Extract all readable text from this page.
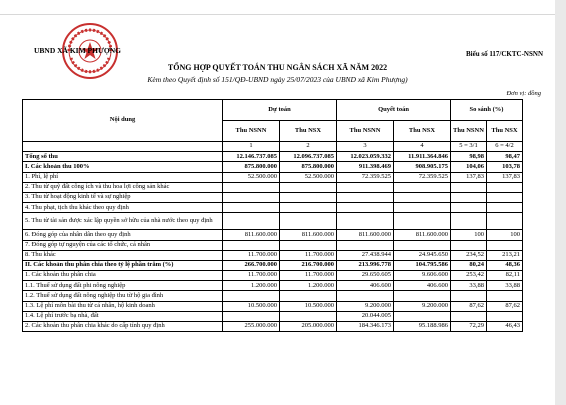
UBND XÃ KIM PHƯỢNG	Biểu số 117/CKTC-NSNN
TỔNG HỢP QUYẾT TOÁN THU NGÂN SÁCH XÃ NĂM 2022
Kèm theo Quyết định số 151/QĐ-UBND ngày 25/07/2023 của UBND xã Kim Phượng)
Đơn vị: đồng
Nội dung	Dự toán		Quyết toán		So sánh (%)	
	Thu NSNN	Thu NSX	Thu NSNN	Thu NSX	Thu NSNN	Thu NSX
	1	2	3	4	5 = 3/1	6 = 4/2
Tổng số thu	12.146.737.085	12.096.737.085	12.023.059.332	11.911.364.846	98,98	98,47
I. Các khoản thu 100%	875.800.000	875.800.000	911.398.469	908.905.175	104,06	103,78
1. Phí, lệ phí	52.500.000	52.500.000	72.359.525	72.359.525	137,83	137,83
2. Thu từ quỹ đất công ích và thu hoa lợi công sản khác						
3. Thu từ hoạt động kinh tế và sự nghiệp						
4. Thu phạt, tịch thu khác theo quy định						
5. Thu từ tài sản được xác lập quyền sở hữu của nhà nước theo quy định						
6. Đóng góp của nhân dân theo quy định	811.600.000	811.600.000	811.600.000	811.600.000	100	100
7. Đóng góp tự nguyện của các tổ chức, cá nhân						
8. Thu khác	11.700.000	11.700.000	27.438.944	24.945.650	234,52	213,21
II. Các khoản thu phân chia theo tỷ lệ phần trăm (%)	266.700.000	216.700.000	213.996.778	104.795.586	80,24	48,36
1. Các khoản thu phân chia	11.700.000	11.700.000	29.650.605	9.606.600	253,42	82,11
1.1. Thuế sử dụng đất phi nông nghiệp	1.200.000	1.200.000	406.600	406.600	33,88	33,88
1.2. Thuế sử dụng đất nông nghiệp thu từ hộ gia đình						
1.3. Lệ phí môn bài thu từ cá nhân, hộ kinh doanh	10.500.000	10.500.000	9.200.000	9.200.000	87,62	87,62
1.4. Lệ phí trước bạ nhà, đất			20.044.005			
2. Các khoản thu phân chia khác do cấp tỉnh quy định	255.000.000	205.000.000	184.346.173	95.188.986	72,29	46,43
